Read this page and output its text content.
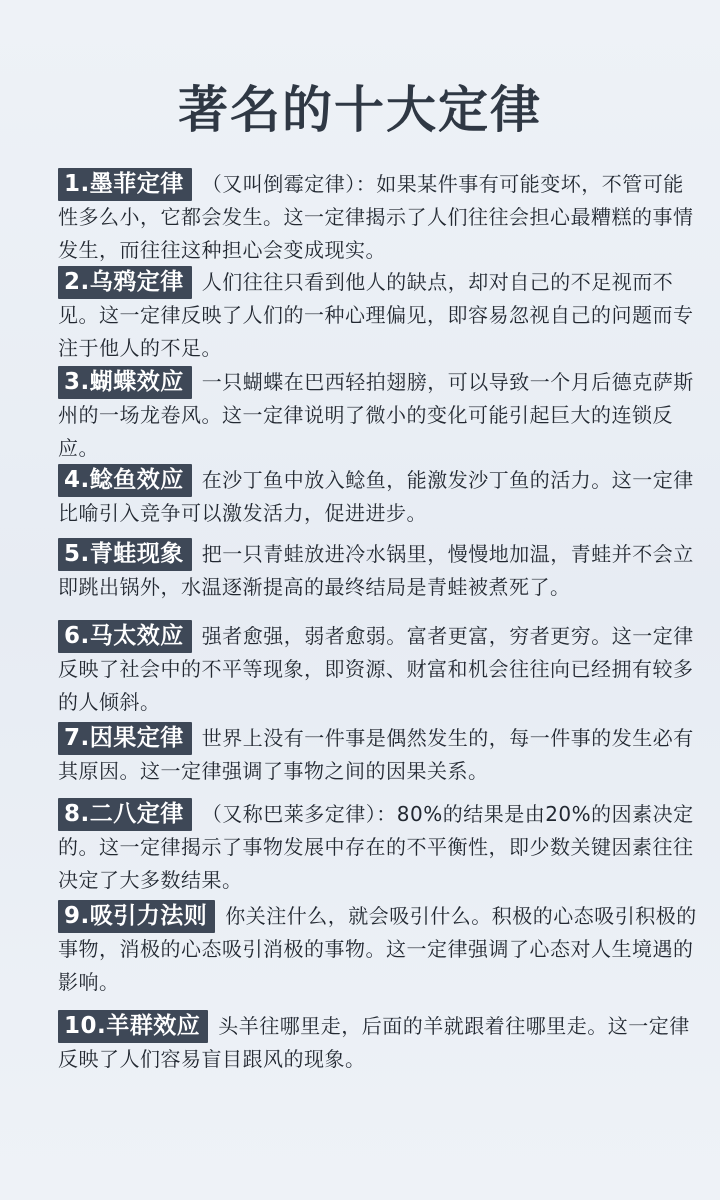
著名的十大定律
1.墨菲定律 （又叫倒霉定律）：如果某件事有可能变坏，不管可能性多么小，它都会发生。这一定律揭示了人们往往会担心最糟糕的事情发生，而往往这种担心会变成现实。
2.乌鸦定律 人们往往只看到他人的缺点，却对自己的不足视而不见。这一定律反映了人们的一种心理偏见，即容易忽视自己的问题而专注于他人的不足。
3.蝴蝶效应 一只蝴蝶在巴西轻拍翅膀，可以导致一个月后德克萨斯州的一场龙卷风。这一定律说明了微小的变化可能引起巨大的连锁反应。
4.鲶鱼效应 在沙丁鱼中放入鲶鱼，能激发沙丁鱼的活力。这一定律比喻引入竞争可以激发活力，促进进步。
5.青蛙现象 把一只青蛙放进冷水锅里，慢慢地加温，青蛙并不会立即跳出锅外，水温逐渐提高的最终结局是青蛙被煮死了。
6.马太效应 强者愈强，弱者愈弱。富者更富，穷者更穷。这一定律反映了社会中的不平等现象，即资源、财富和机会往往向已经拥有较多的人倾斜。
7.因果定律 世界上没有一件事是偶然发生的，每一件事的发生必有其原因。这一定律强调了事物之间的因果关系。
8.二八定律 （又称巴莱多定律）：80%的结果是由20%的因素决定的。这一定律揭示了事物发展中存在的不平衡性，即少数关键因素往往决定了大多数结果。
9.吸引力法则 你关注什么，就会吸引什么。积极的心态吸引积极的事物，消极的心态吸引消极的事物。这一定律强调了心态对人生境遇的影响。
10.羊群效应 头羊往哪里走，后面的羊就跟着往哪里走。这一定律反映了人们容易盲目跟风的现象。
